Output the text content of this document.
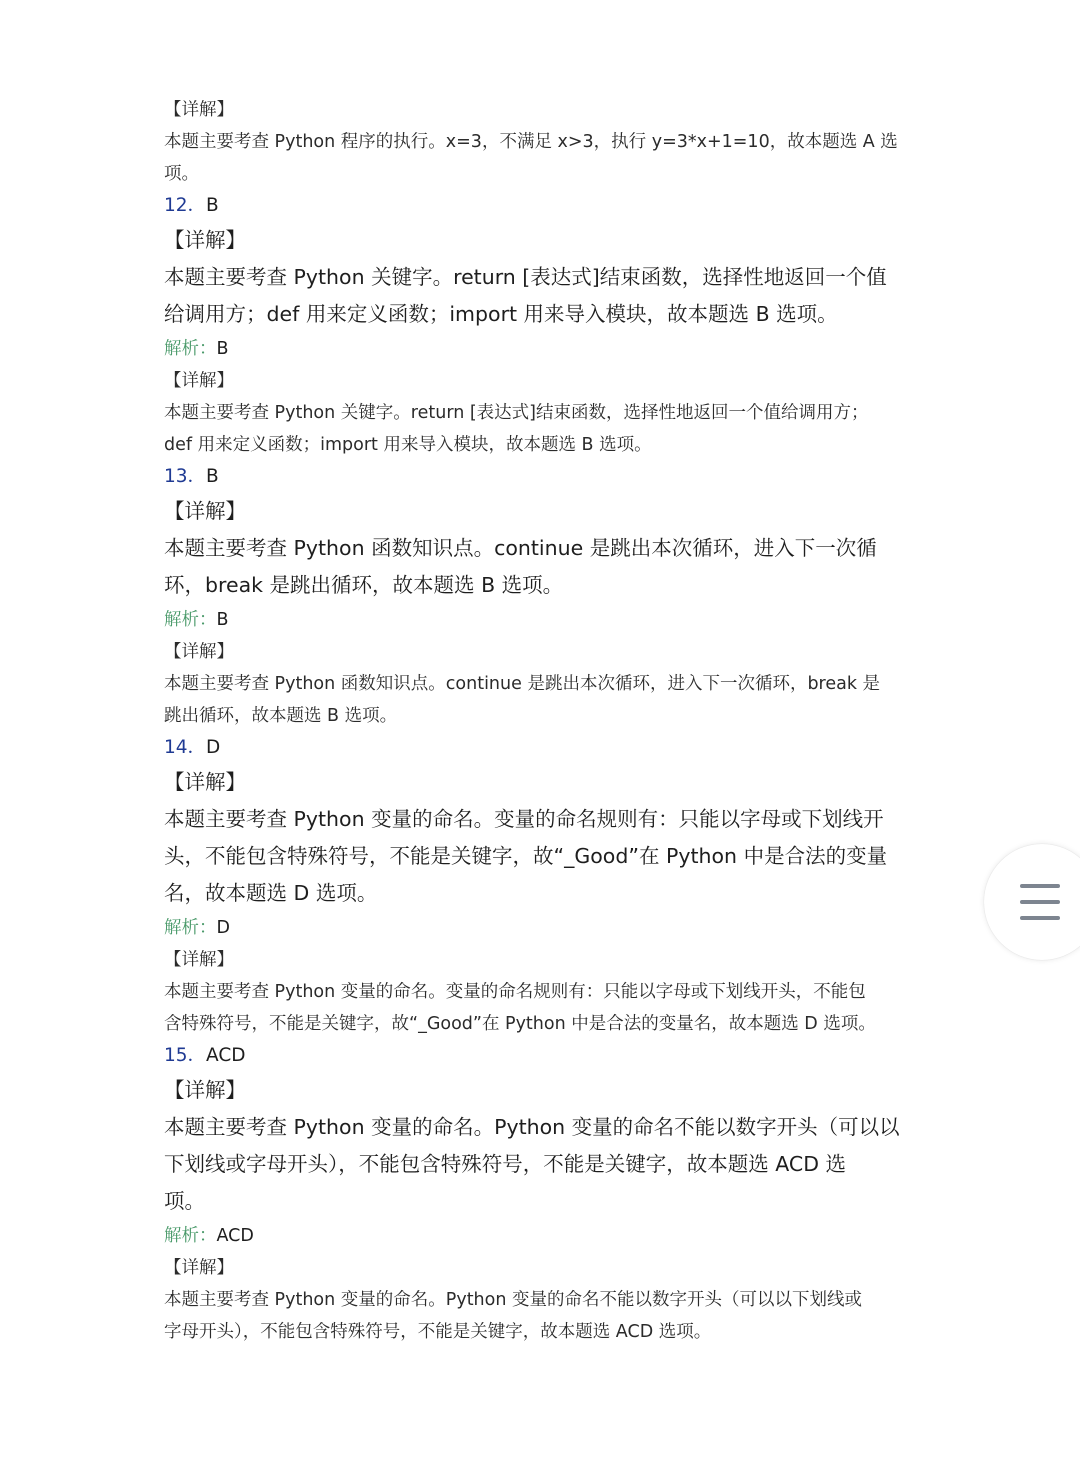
【详解】
本题主要考查 Python 程序的执行。x=3，不满足 x>3，执行 y=3*x+1=10，故本题选 A 选
项。
12．B
【详解】
本题主要考查 Python 关键字。return [表达式]结束函数，选择性地返回一个值
给调用方；def 用来定义函数；import 用来导入模块，故本题选 B 选项。
解析：B
【详解】
本题主要考查 Python 关键字。return [表达式]结束函数，选择性地返回一个值给调用方；
def 用来定义函数；import 用来导入模块，故本题选 B 选项。
13．B
【详解】
本题主要考查 Python 函数知识点。continue 是跳出本次循环，进入下一次循
环，break 是跳出循环，故本题选 B 选项。
解析：B
【详解】
本题主要考查 Python 函数知识点。continue 是跳出本次循环，进入下一次循环，break 是
跳出循环，故本题选 B 选项。
14．D
【详解】
本题主要考查 Python 变量的命名。变量的命名规则有：只能以字母或下划线开
头，不能包含特殊符号，不能是关键字，故“_Good”在 Python 中是合法的变量
名，故本题选 D 选项。
解析：D
【详解】
本题主要考查 Python 变量的命名。变量的命名规则有：只能以字母或下划线开头，不能包
含特殊符号，不能是关键字，故“_Good”在 Python 中是合法的变量名，故本题选 D 选项。
15．ACD
【详解】
本题主要考查 Python 变量的命名。Python 变量的命名不能以数字开头（可以以
下划线或字母开头），不能包含特殊符号，不能是关键字，故本题选 ACD 选
项。
解析：ACD
【详解】
本题主要考查 Python 变量的命名。Python 变量的命名不能以数字开头（可以以下划线或
字母开头），不能包含特殊符号，不能是关键字，故本题选 ACD 选项。
